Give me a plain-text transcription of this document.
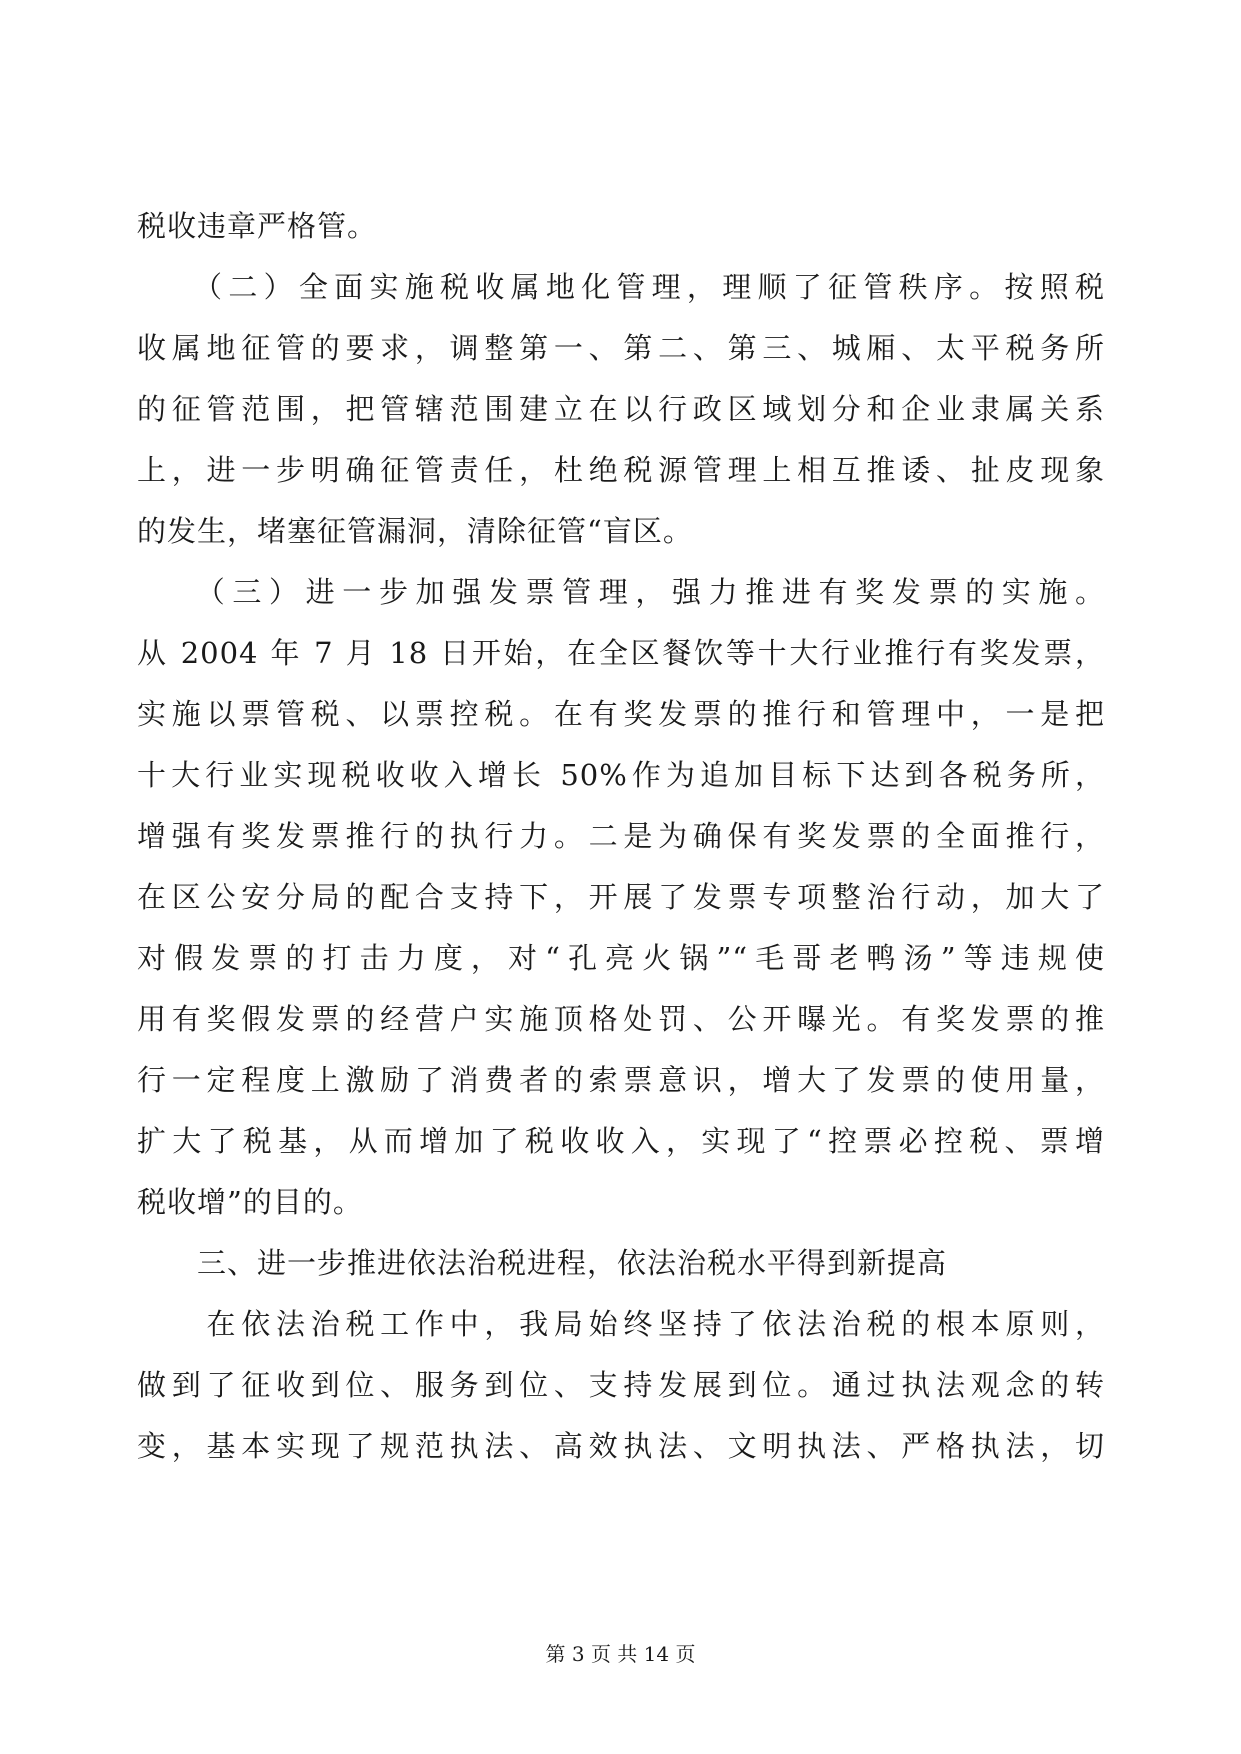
税收违章严格管。
　　（二）全面实施税收属地化管理，理顺了征管秩序。按照税
收属地征管的要求，调整第一、第二、第三、城厢、太平税务所
的征管范围，把管辖范围建立在以行政区域划分和企业隶属关系
上，进一步明确征管责任，杜绝税源管理上相互推诿、扯皮现象
的发生，堵塞征管漏洞，清除征管“盲区。
　　（三）进一步加强发票管理，强力推进有奖发票的实施。
从 2004 年 7 月 18 日开始，在全区餐饮等十大行业推行有奖发票，
实施以票管税、以票控税。在有奖发票的推行和管理中，一是把
十大行业实现税收收入增长 50%作为追加目标下达到各税务所，
增强有奖发票推行的执行力。二是为确保有奖发票的全面推行，
在区公安分局的配合支持下，开展了发票专项整治行动，加大了
对假发票的打击力度，对“孔亮火锅”“毛哥老鸭汤”等违规使
用有奖假发票的经营户实施顶格处罚、公开曝光。有奖发票的推
行一定程度上激励了消费者的索票意识，增大了发票的使用量，
扩大了税基，从而增加了税收收入，实现了“控票必控税、票增
税收增”的目的。
　　三、进一步推进依法治税进程，依法治税水平得到新提高
　　在依法治税工作中，我局始终坚持了依法治税的根本原则，
做到了征收到位、服务到位、支持发展到位。通过执法观念的转
变，基本实现了规范执法、高效执法、文明执法、严格执法，切
第 3 页 共 14 页
